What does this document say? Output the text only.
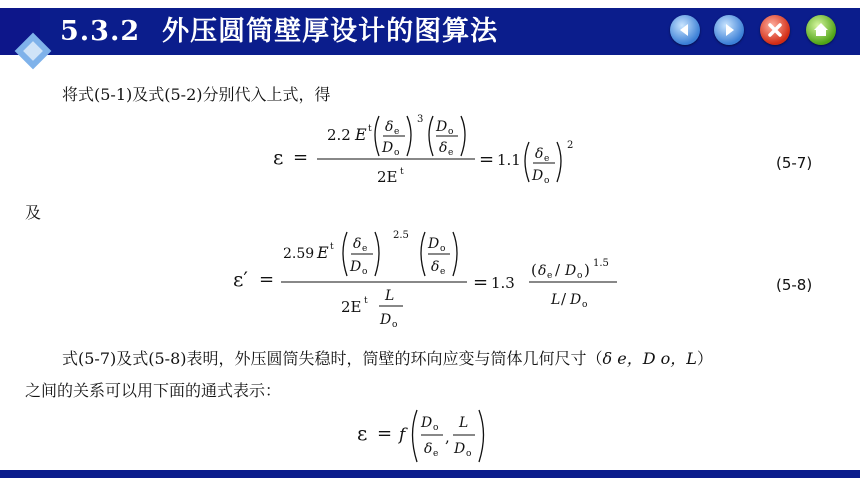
5.3.2 外压圆筒壁厚设计的图算法
将式(5-1)及式(5-2)分别代入上式，得
ε =
2.2 E t δ e
D o
3 D o
δ e
2E t
= 1.1 δ e
D o
2
(5-7)
及
ε′ =
2.59 E t δ e
D o
2.5
D o
δ e
2E t L
D o
= 1.3
( δ e / D o ) 1.5
L / D o
(5-8)
式(5-7)及式(5-8)表明，外压圆筒失稳时，筒壁的环向应变与筒体几何尺寸（δ e，D o，L）
之间的关系可以用下面的通式表示：
ε = f
D o
δ e
,
L
D o
